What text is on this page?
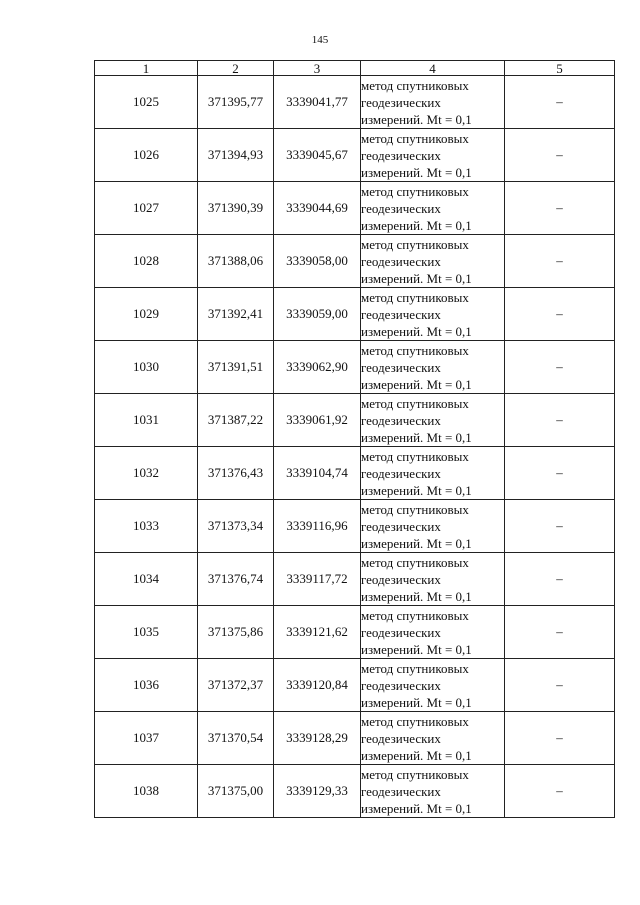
145
1	2	3	4	5
1025	371395,77	3339041,77	метод спутниковых
геодезических
измерений. Mt = 0,1	–
1026	371394,93	3339045,67	метод спутниковых
геодезических
измерений. Mt = 0,1	–
1027	371390,39	3339044,69	метод спутниковых
геодезических
измерений. Mt = 0,1	–
1028	371388,06	3339058,00	метод спутниковых
геодезических
измерений. Mt = 0,1	–
1029	371392,41	3339059,00	метод спутниковых
геодезических
измерений. Mt = 0,1	–
1030	371391,51	3339062,90	метод спутниковых
геодезических
измерений. Mt = 0,1	–
1031	371387,22	3339061,92	метод спутниковых
геодезических
измерений. Mt = 0,1	–
1032	371376,43	3339104,74	метод спутниковых
геодезических
измерений. Mt = 0,1	–
1033	371373,34	3339116,96	метод спутниковых
геодезических
измерений. Mt = 0,1	–
1034	371376,74	3339117,72	метод спутниковых
геодезических
измерений. Mt = 0,1	–
1035	371375,86	3339121,62	метод спутниковых
геодезических
измерений. Mt = 0,1	–
1036	371372,37	3339120,84	метод спутниковых
геодезических
измерений. Mt = 0,1	–
1037	371370,54	3339128,29	метод спутниковых
геодезических
измерений. Mt = 0,1	–
1038	371375,00	3339129,33	метод спутниковых
геодезических
измерений. Mt = 0,1	–
